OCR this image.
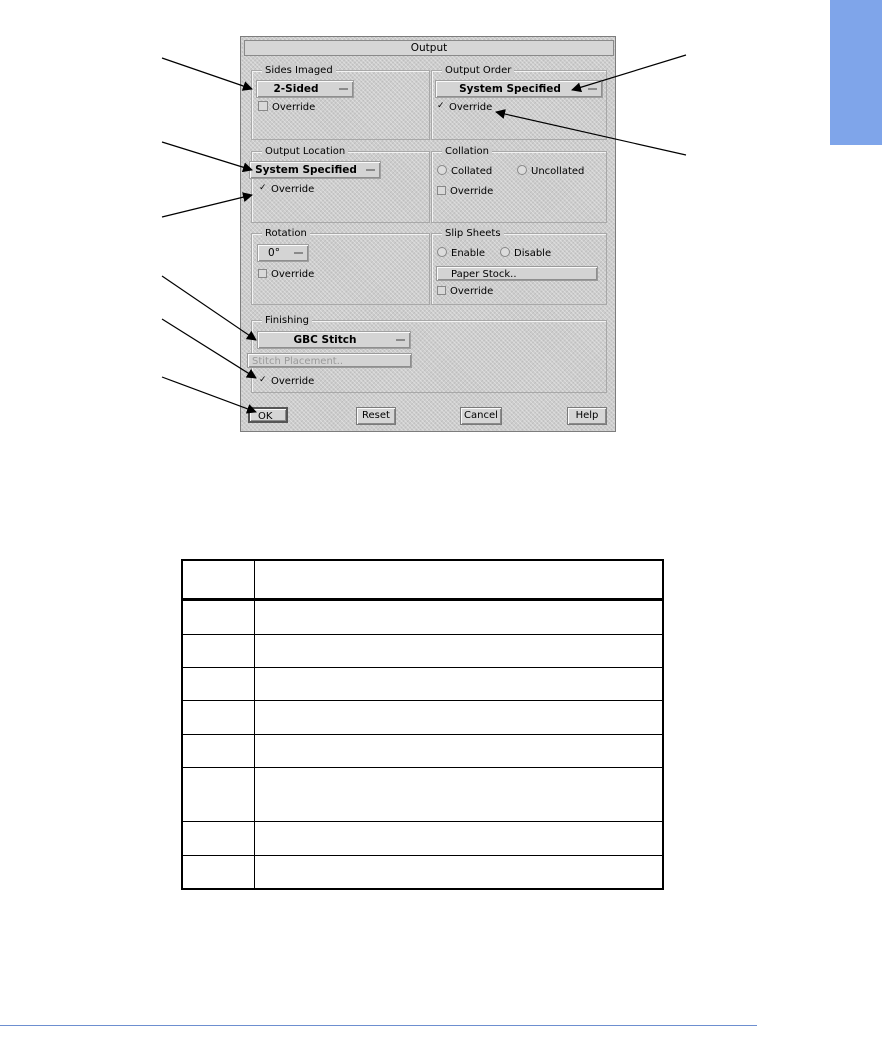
Output
Sides Imaged
2-Sided
Override
Output Order
System Specified
✓ Override
Output Location
System Specified
✓ Override
Collation
Collated	Uncollated
Override
Rotation
0°
Override
Slip Sheets
Enable	Disable
Paper Stock..
Override
Finishing
GBC Stitch
Stitch Placement..
✓ Override
OK	Reset	Cancel	Help
